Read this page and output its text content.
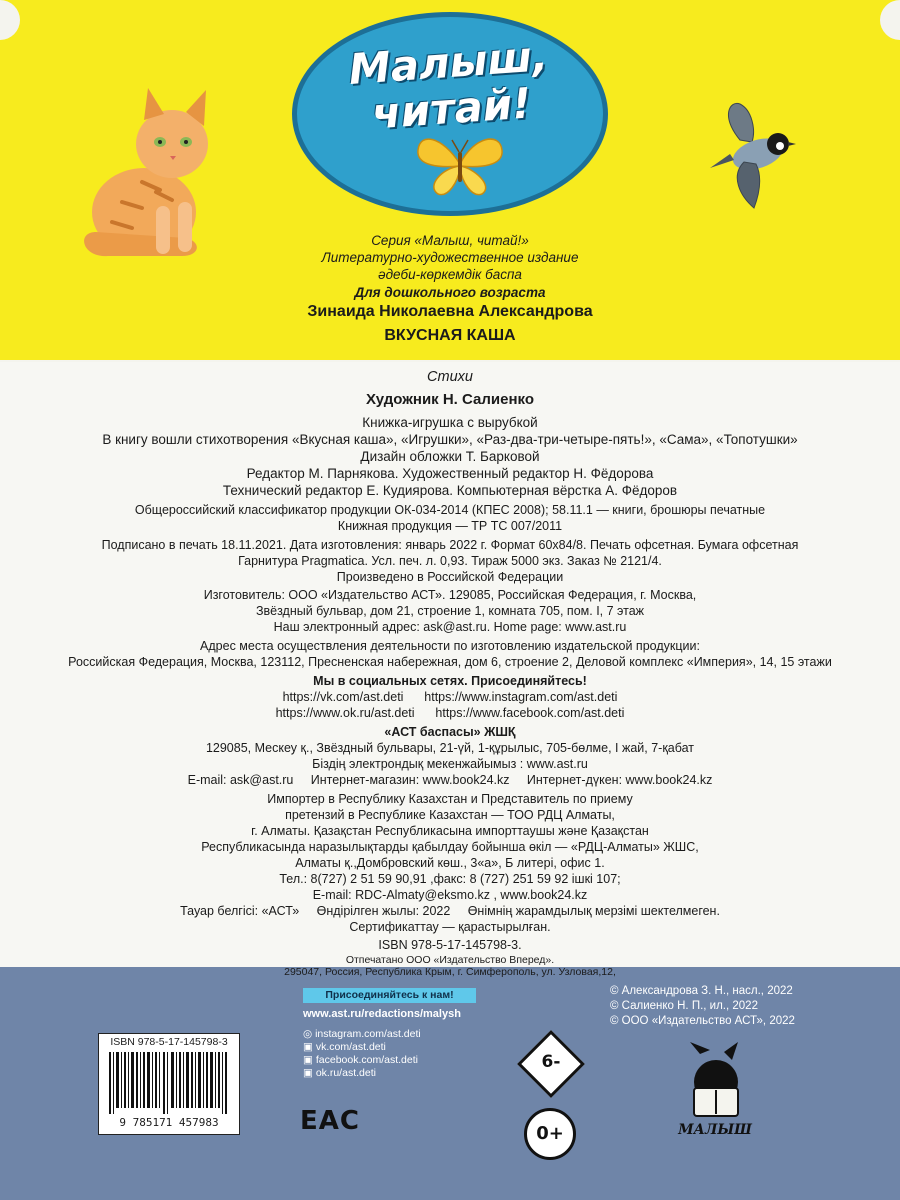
Малыш,
читай!
Серия «Малыш, читай!»
Литературно-художественное издание
әдеби-көркемдік баспа
Для дошкольного возраста
Зинаида Николаевна Александрова
ВКУСНАЯ КАША
Стихи
Художник Н. Салиенко
Книжка-игрушка с вырубкой
В книгу вошли стихотворения «Вкусная каша», «Игрушки», «Раз-два-три-четыре-пять!», «Сама», «Топотушки»
Дизайн обложки Т. Барковой
Редактор М. Парнякова. Художественный редактор Н. Фёдорова
Технический редактор Е. Кудиярова. Компьютерная вёрстка А. Фёдоров
Общероссийский классификатор продукции ОК-034-2014 (КПЕС 2008); 58.11.1 — книги, брошюры печатные
Книжная продукция — ТР ТС 007/2011
Подписано в печать 18.11.2021. Дата изготовления: январь 2022 г. Формат 60х84/8. Печать офсетная. Бумага офсетная
Гарнитура Pragmatica. Усл. печ. л. 0,93. Тираж 5000 экз. Заказ № 2121/4.
Произведено в Российской Федерации
Изготовитель: ООО «Издательство АСТ». 129085, Российская Федерация, г. Москва,
Звёздный бульвар, дом 21, строение 1, комната 705, пом. I, 7 этаж
Наш электронный адрес: ask@ast.ru. Home page: www.ast.ru
Адрес места осуществления деятельности по изготовлению издательской продукции:
Российская Федерация, Москва, 123112, Пресненская набережная, дом 6, строение 2, Деловой комплекс «Империя», 14, 15 этажи
Мы в социальных сетях. Присоединяйтесь!
https://vk.com/ast.deti      https://www.instagram.com/ast.deti
https://www.ok.ru/ast.deti      https://www.facebook.com/ast.deti
«АСТ баспасы» ЖШҚ
129085, Мескеу қ., Звёздный бульвары, 21-үй, 1-құрылыс, 705-бөлме, I жай, 7-қабат
Біздің электрондық мекенжайымыз : www.ast.ru
E-mail: ask@ast.ru     Интернет-магазин: www.book24.kz     Интернет-дүкен: www.book24.kz
Импортер в Республику Казахстан и Представитель по приему
претензий в Республике Казахстан — ТОО РДЦ Алматы,
г. Алматы. Қазақстан Республикасына импорттаушы және Қазақстан
Республикасында наразылықтарды қабылдау бойынша өкіл — «РДЦ-Алматы» ЖШС,
Алматы қ.,Домбровский көш., 3«а», Б литері, офис 1.
Тел.: 8(727) 2 51 59 90,91 ,факс: 8 (727) 251 59 92 ішкі 107;
E-mail: RDC-Almaty@eksmo.kz , www.book24.kz
Тауар белгісі: «АСТ»     Өндірілген жылы: 2022     Өнімнің жарамдылық мерзімі шектелмеген.
Сертификаттау — қарастырылған.
ISBN 978-5-17-145798-3.
Отпечатано ООО «Издательство Вперед».
295047, Россия, Республика Крым, г. Симферополь, ул. Узловая,12,
ISBN 978-5-17-145798-3
9 785171 457983
Присоединяйтесь к нам!
www.ast.ru/redactions/malysh
◎ instagram.com/ast.deti
▣ vk.com/ast.deti
▣ facebook.com/ast.deti
▣ ok.ru/ast.deti
ЕАС
6-
0+
© Александрова З. Н., насл., 2022
© Салиенко Н. П., ил., 2022
© ООО «Издательство АСТ», 2022
МАЛЫШ
